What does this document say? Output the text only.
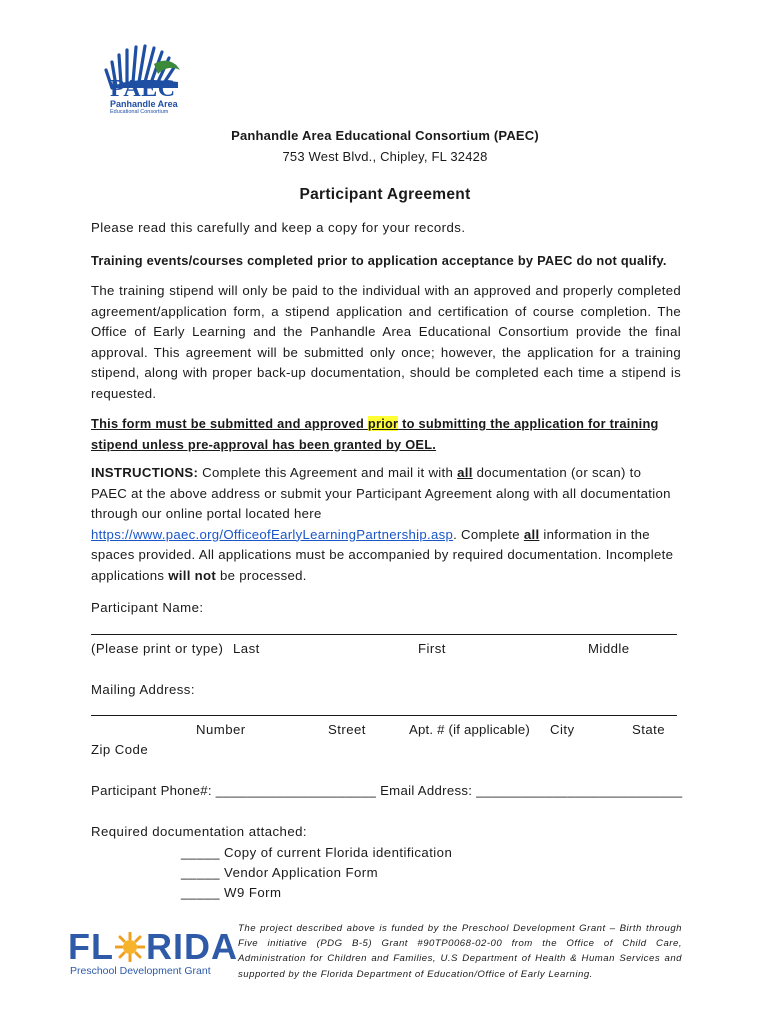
PAEC
Panhandle Area
Educational Consortium
Panhandle Area Educational Consortium (PAEC)
753 West Blvd., Chipley, FL 32428
Participant Agreement
Please read this carefully and keep a copy for your records.
Training events/courses completed prior to application acceptance by PAEC do not qualify.
The training stipend will only be paid to the individual with an approved and properly completed agreement/application form, a stipend application and certification of course completion. The Office of Early Learning and the Panhandle Area Educational Consortium provide the final approval. This agreement will be submitted only once; however, the application for a training stipend, along with proper back-up documentation, should be completed each time a stipend is requested.
This form must be submitted and approved prior to submitting the application for training stipend unless pre-approval has been granted by OEL.
INSTRUCTIONS: Complete this Agreement and mail it with all documentation (or scan) to PAEC at the above address or submit your Participant Agreement along with all documentation through our online portal located here https://www.paec.org/OfficeofEarlyLearningPartnership.asp. Complete all information in the spaces provided. All applications must be accompanied by required documentation. Incomplete applications will not be processed.
Participant Name:
(Please print or type) Last	First	Middle
Mailing Address:
Number	Street	Apt. # (if applicable) City	State
Zip Code
Participant Phone#: _____________________ Email Address: ___________________________
Required documentation attached:
_____ Copy of current Florida identification
_____ Vendor Application Form
_____ W9 Form
FL RIDA
Preschool Development Grant
The project described above is funded by the Preschool Development Grant – Birth through Five initiative (PDG B-5) Grant #90TP0068-02-00 from the Office of Child Care, Administration for Children and Families, U.S Department of Health & Human Services and supported by the Florida Department of Education/Office of Early Learning.
